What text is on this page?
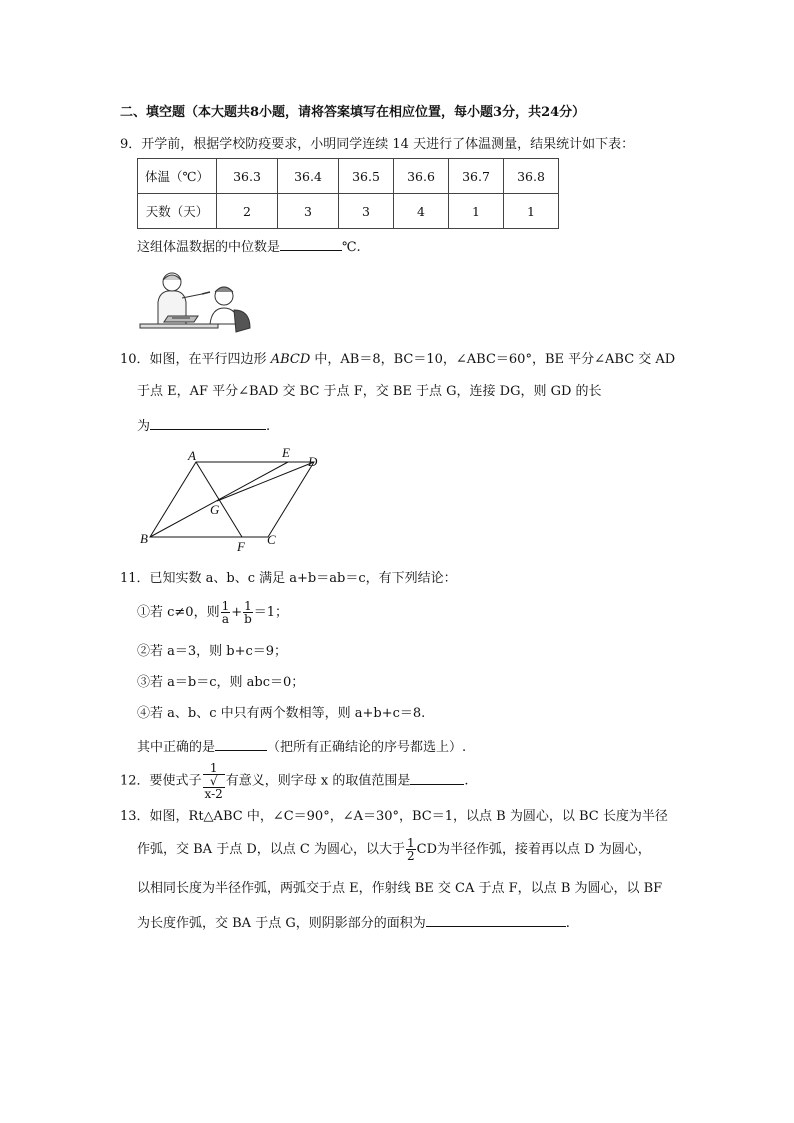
二、填空题（本大题共8小题，请将答案填写在相应位置，每小题3分，共24分）
9．开学前，根据学校防疫要求，小明同学连续 14 天进行了体温测量，结果统计如下表：
体温（℃）	36.3	36.4	36.5	36.6	36.7	36.8
天数（天）	2	3	3	4	1	1
这组体温数据的中位数是	℃.
10．如图，在平行四边形 ABCD 中，AB＝8，BC＝10，∠ABC＝60°，BE 平分∠ABC 交 AD
于点 E，AF 平分∠BAD 交 BC 于点 F，交 BE 于点 G，连接 DG，则 GD 的长
为	.
A
B	C
D
E
F
G
11．已知实数 a、b、c 满足 a+b＝ab＝c，有下列结论：
①若 c≠0，则 $\frac{1}{a} + \frac{1}{b} =1$；
②若 a＝3，则 b+c＝9；
③若 a＝b＝c，则 abc＝0；
④若 a、b、c 中只有两个数相等，则 a+b+c＝8.
其中正确的是	（把所有正确结论的序号都选上）.
12．要使式子 1
√
x-2 有意义，则字母 x 的取值范围是	.
13．如图，Rt△ABC 中，∠C＝90°，∠A＝30°，BC＝1，以点 B 为圆心，以 BC 长度为半径
作弧，交 BA 于点 D，以点 C 为圆心，以大于 $\frac{1}{2}$ CD为半径作弧，接着再以点 D 为圆心，
以相同长度为半径作弧，两弧交于点 E，作射线 BE 交 CA 于点 F，以点 B 为圆心，以 BF
为长度作弧，交 BA 于点 G，则阴影部分的面积为	.
